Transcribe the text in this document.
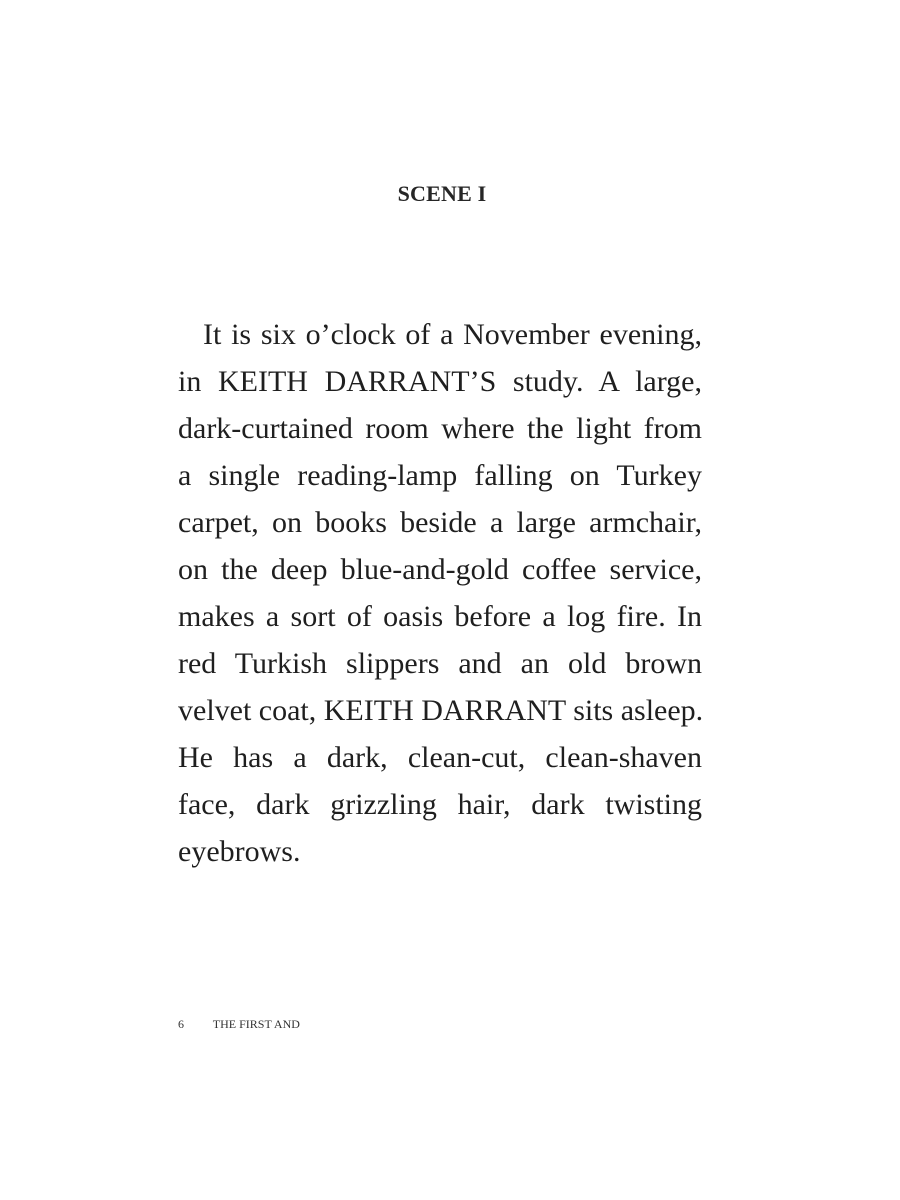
SCENE I
It is six o’clock of a November evening,
in KEITH DARRANT’S study. A large,
dark-curtained room where the light from
a single reading-lamp falling on Turkey
carpet, on books beside a large armchair,
on the deep blue-and-gold coffee service,
makes a sort of oasis before a log fire. In
red Turkish slippers and an old brown
velvet coat, KEITH DARRANT sits asleep.
He has a dark, clean-cut, clean-shaven
face, dark grizzling hair, dark twisting
eyebrows.
6 THE FIRST AND
